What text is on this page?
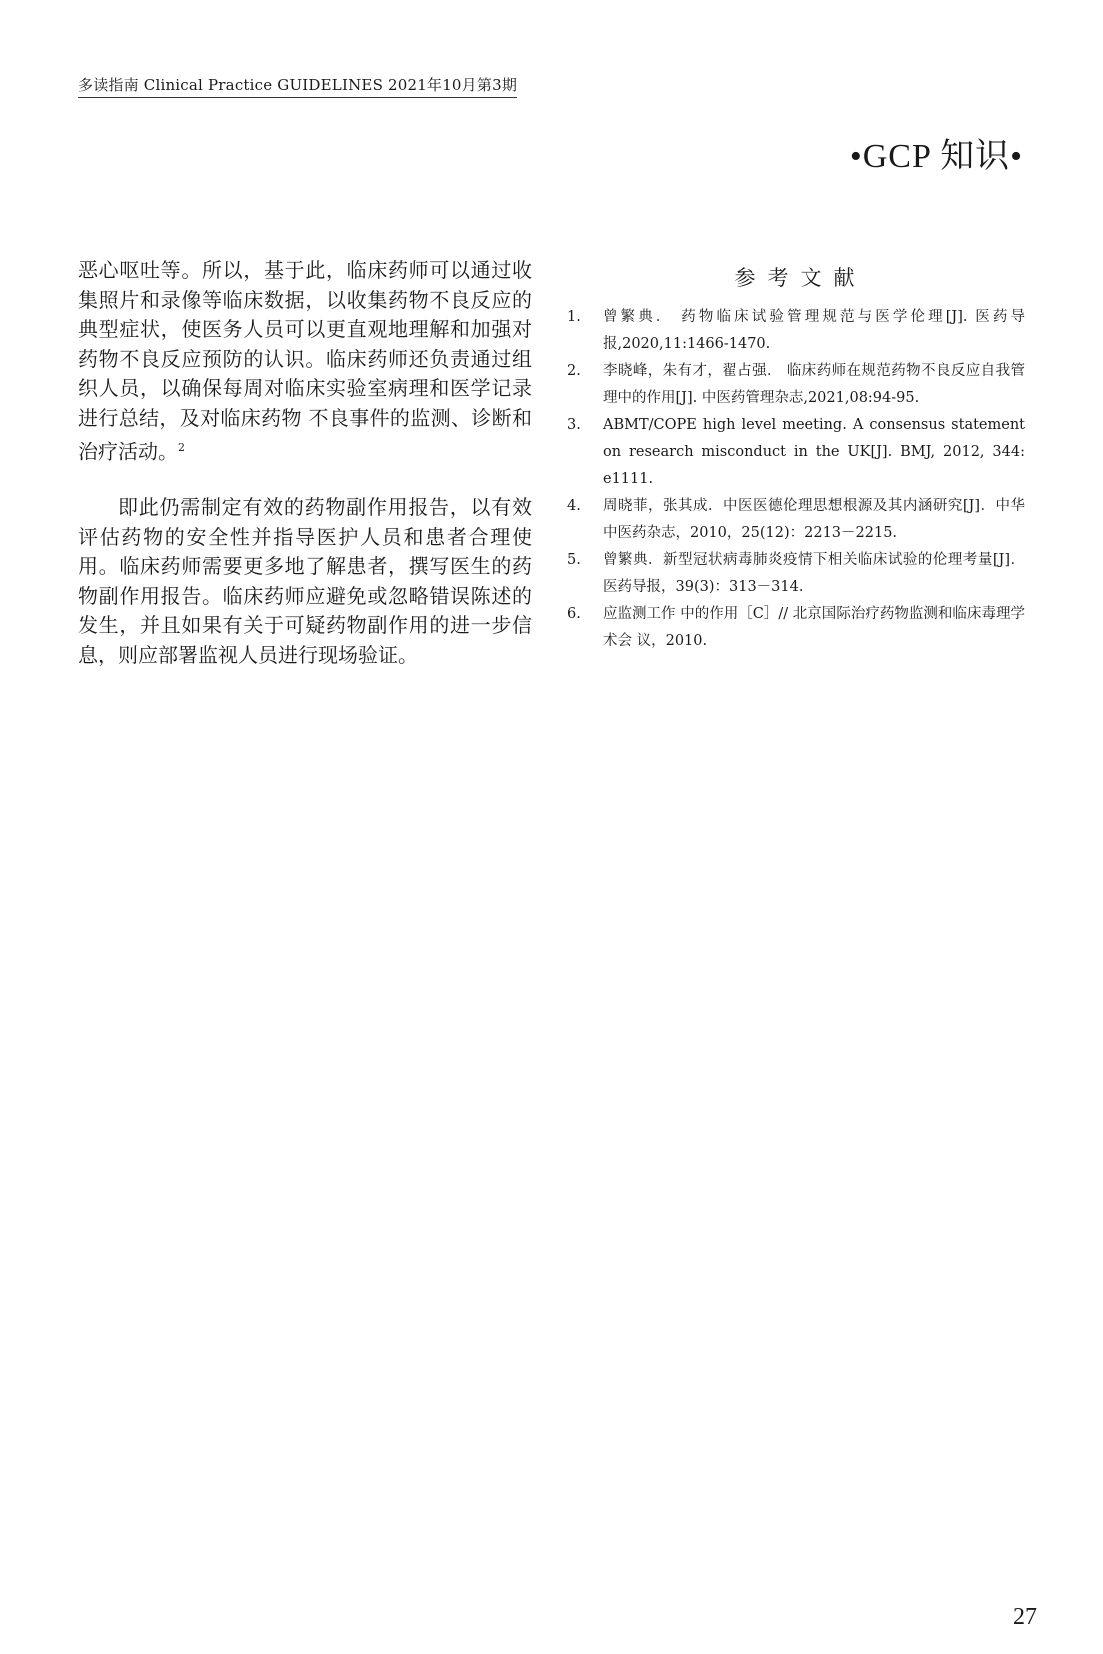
多读指南 Clinical Practice GUIDELINES 2021年10月第3期
•GCP 知识•

恶心呕吐等。所以，基于此，临床药师可以通过收集照片和录像等临床数据，以收集药物不良反应的典型症状，使医务人员可以更直观地理解和加强对药物不良反应预防的认识。临床药师还负责通过组织人员，以确保每周对临床实验室病理和医学记录进行总结，及对临床药物 不良事件的监测、诊断和治疗活动。$^2$

即此仍需制定有效的药物副作用报告，以有效评估药物的安全性并指导医护人员和患者合理使用。临床药师需要更多地了解患者，撰写医生的药物副作用报告。临床药师应避免或忽略错误陈述的发生，并且如果有关于可疑药物副作用的进一步信息，则应部署监视人员进行现场验证。

参考文献
1. 曾繁典． 药物临床试验管理规范与医学伦理[J]. 医药导报,2020,11:1466-1470.
2. 李晓峰，朱有才，翟占强． 临床药师在规范药物不良反应自我管理中的作用[J]. 中医药管理杂志,2021,08:94-95.
3. ABMT/COPE high level meeting. A consensus statement on research misconduct in the UK[J]. BMJ, 2012, 344: e1111.
4. 周晓菲，张其成．中医医德伦理思想根源及其内涵研究[J]．中华中医药杂志，2010，25(12)：2213－2215.
5. 曾繁典．新型冠状病毒肺炎疫情下相关临床试验的伦理考量[J]．医药导报，39(3)：313－314.
6. 应监测工作 中的作用［C］// 北京国际治疗药物监测和临床毒理学术会 议，2010.
27
